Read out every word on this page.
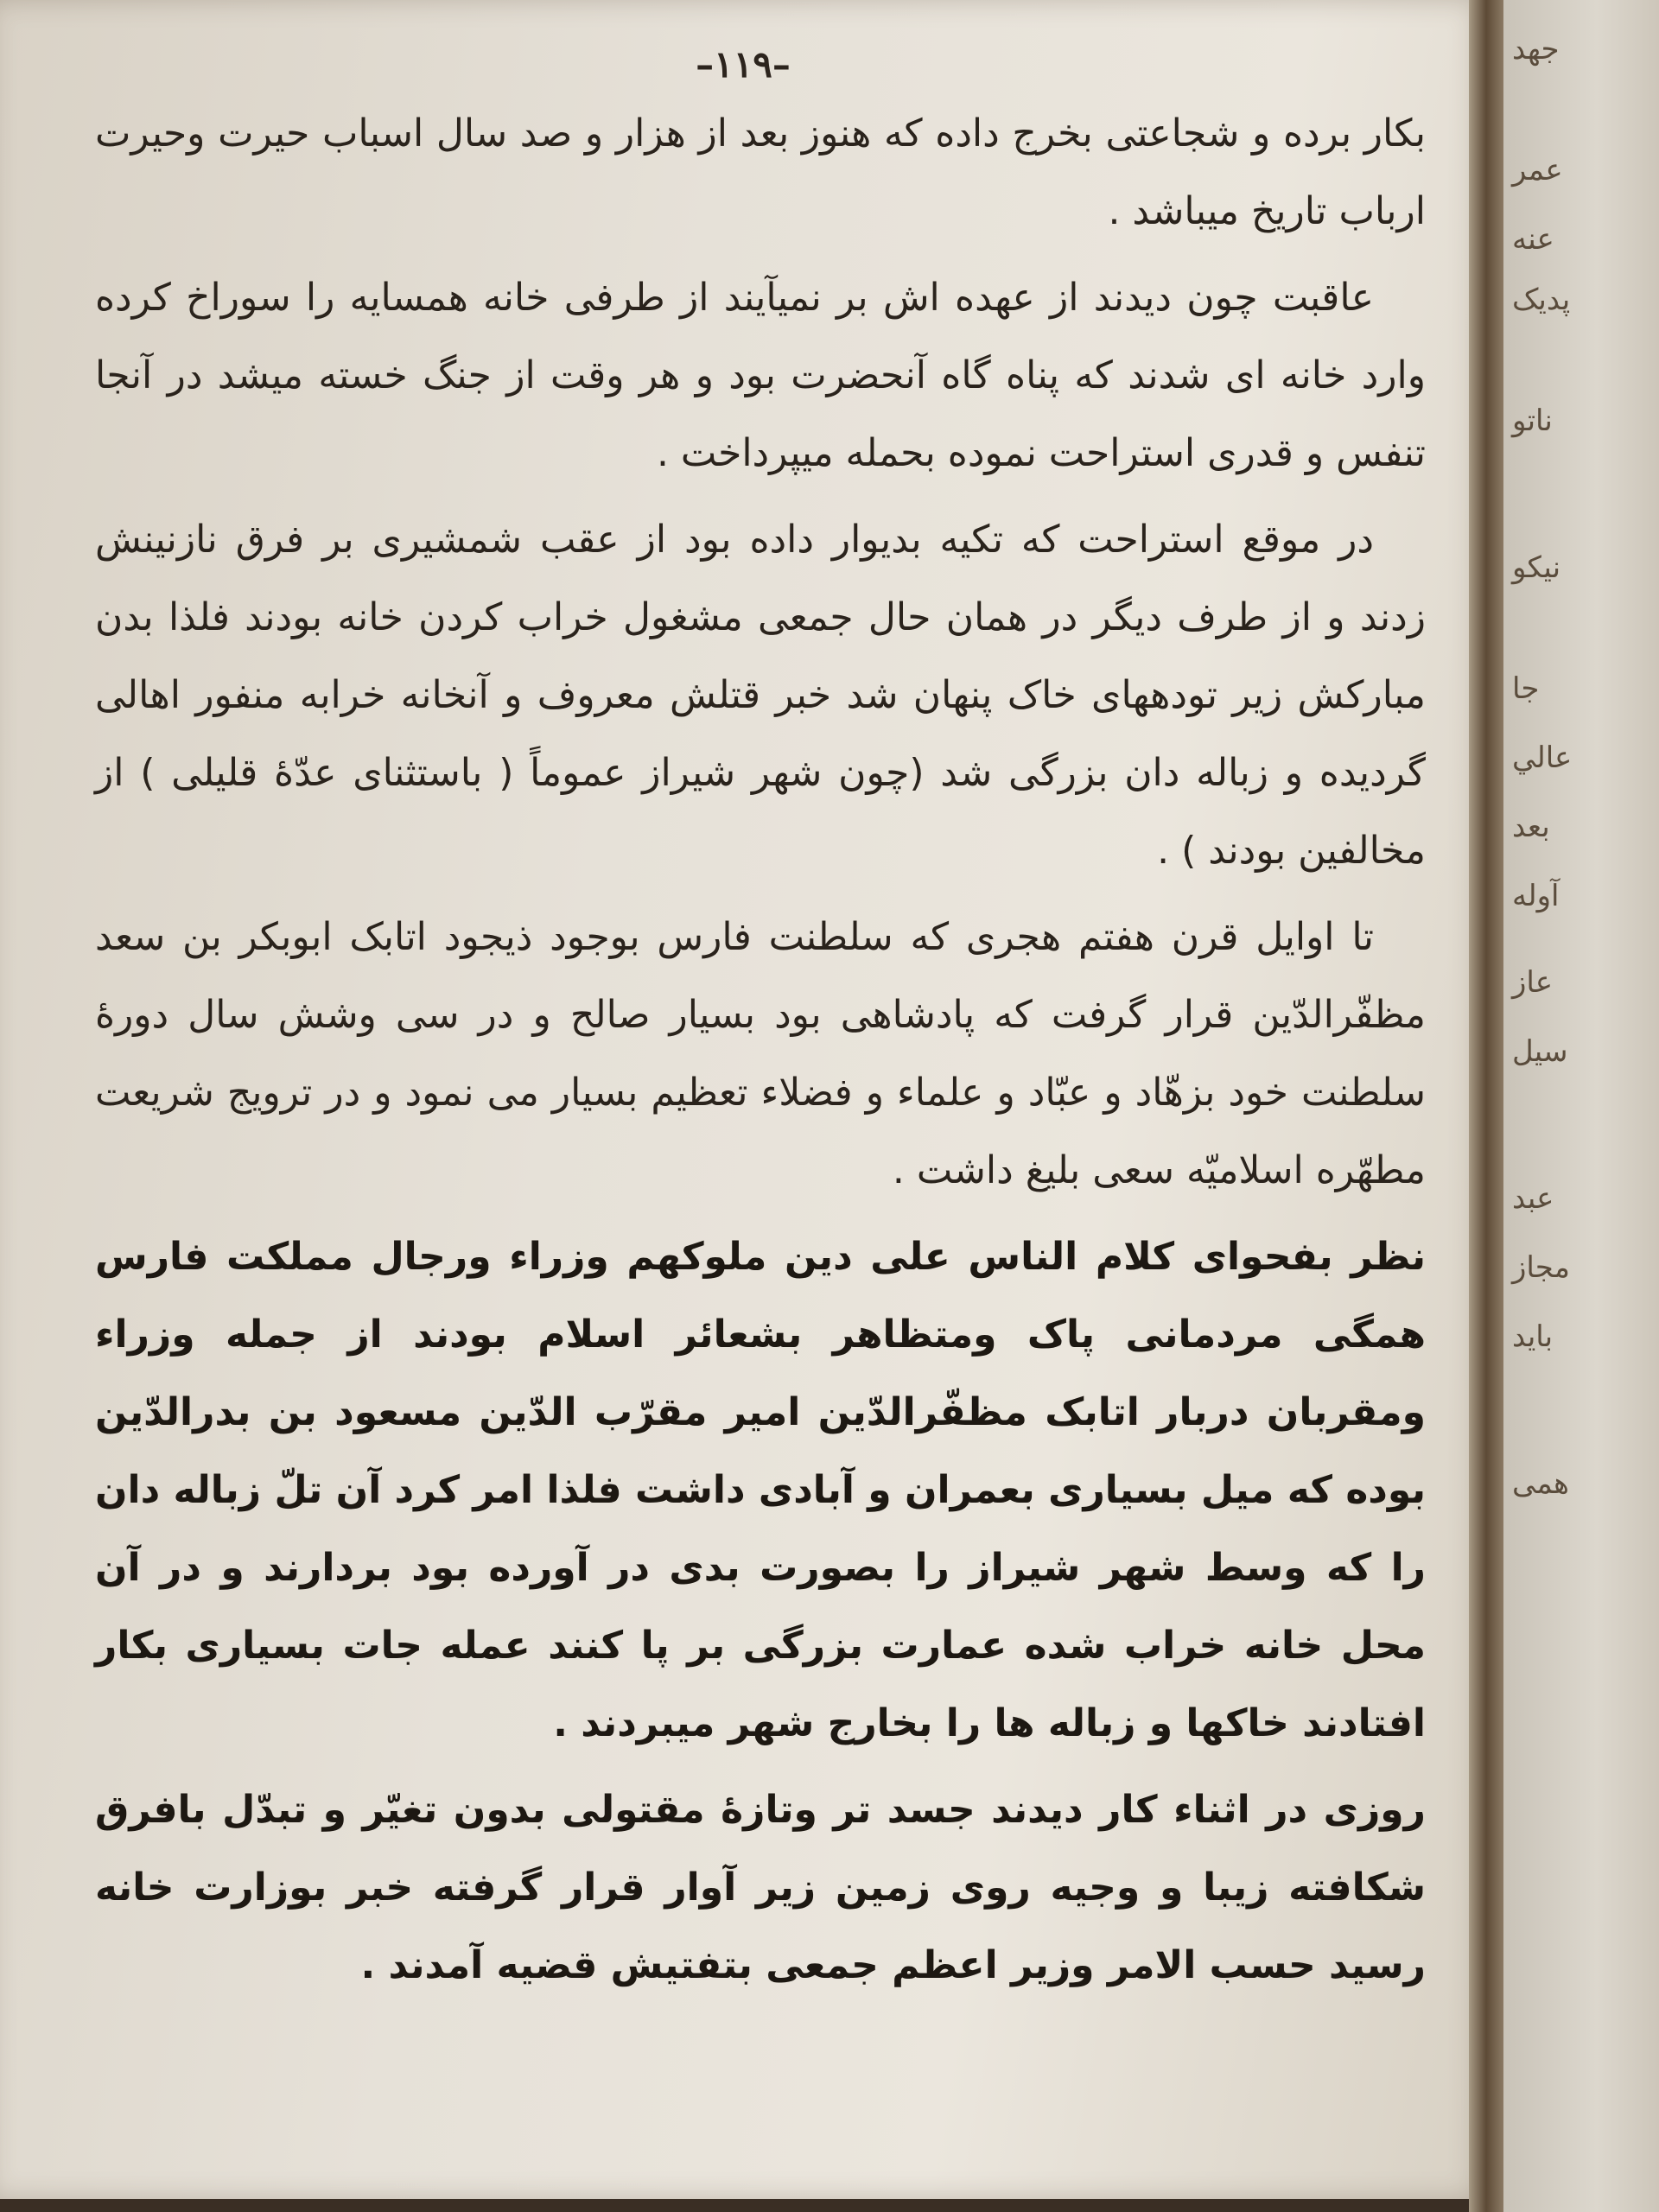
–۱۱۹–

بکار برده و شجاعتی بخرج داده که هنوز بعد از هزار و صد سال اسباب حیرت وحیرت ارباب تاریخ میباشد .

عاقبت چون دیدند از عهده اش بر نمیآیند از طرفی خانه همسایه را سوراخ کرده وارد خانه ای شدند که پناه گاه آنحضرت بود و هر وقت از جنگ خسته میشد در آنجا تنفس و قدری استراحت نموده بحمله میپرداخت .

در موقع استراحت که تکیه بدیوار داده بود از عقب شمشیری بر فرق نازنینش زدند و از طرف دیگر در همان حال جمعی مشغول خراب کردن خانه بودند فلذا بدن مبارکش زیر تودههای خاک پنهان شد خبر قتلش معروف و آنخانه خرابه منفور اهالی گردیده و زباله دان بزرگی شد (چون شهر شیراز عموماً ( باستثنای عدّهٔ قلیلی ) از مخالفین بودند ) .

تا اوایل قرن هفتم هجری که سلطنت فارس بوجود ذیجود اتابک ابوبکر بن سعد مظفّرالدّین قرار گرفت که پادشاهی بود بسیار صالح و در سی وشش سال دورهٔ سلطنت خود بزهّاد و عبّاد و علماء و فضلاء تعظیم بسیار می نمود و در ترویج شریعت مطهّره اسلامیّه سعی بلیغ داشت .

نظر بفحوای کلام الناس علی دین ملوکهم وزراء ورجال مملکت فارس همگی مردمانی پاک ومتظاهر بشعائر اسلام بودند از جمله وزراء ومقربان دربار اتابک مظفّرالدّین امیر مقرّب الدّین مسعود بن بدرالدّین بوده که میل بسیاری بعمران و آبادی داشت فلذا امر کرد آن تلّ زباله دان را که وسط شهر شیراز را بصورت بدی در آورده بود بردارند و در آن محل خانه خراب شده عمارت بزرگی بر پا کنند عمله جات بسیاری بکار افتادند خاکها و زباله ها را بخارج شهر میبردند .

روزی در اثناء کار دیدند جسد تر وتازهٔ مقتولی بدون تغیّر و تبدّل بافرق شکافته زیبا و وجیه روی زمین زیر آوار قرار گرفته خبر بوزارت خانه رسید حسب الامر وزیر اعظم جمعی بتفتیش قضیه آمدند .

جهد
عمر
عنه
پدیک
ناتو
نیکو
جا
عالي
بعد
آوله
عاز
سیل
عبد
مجاز
باید
همی
